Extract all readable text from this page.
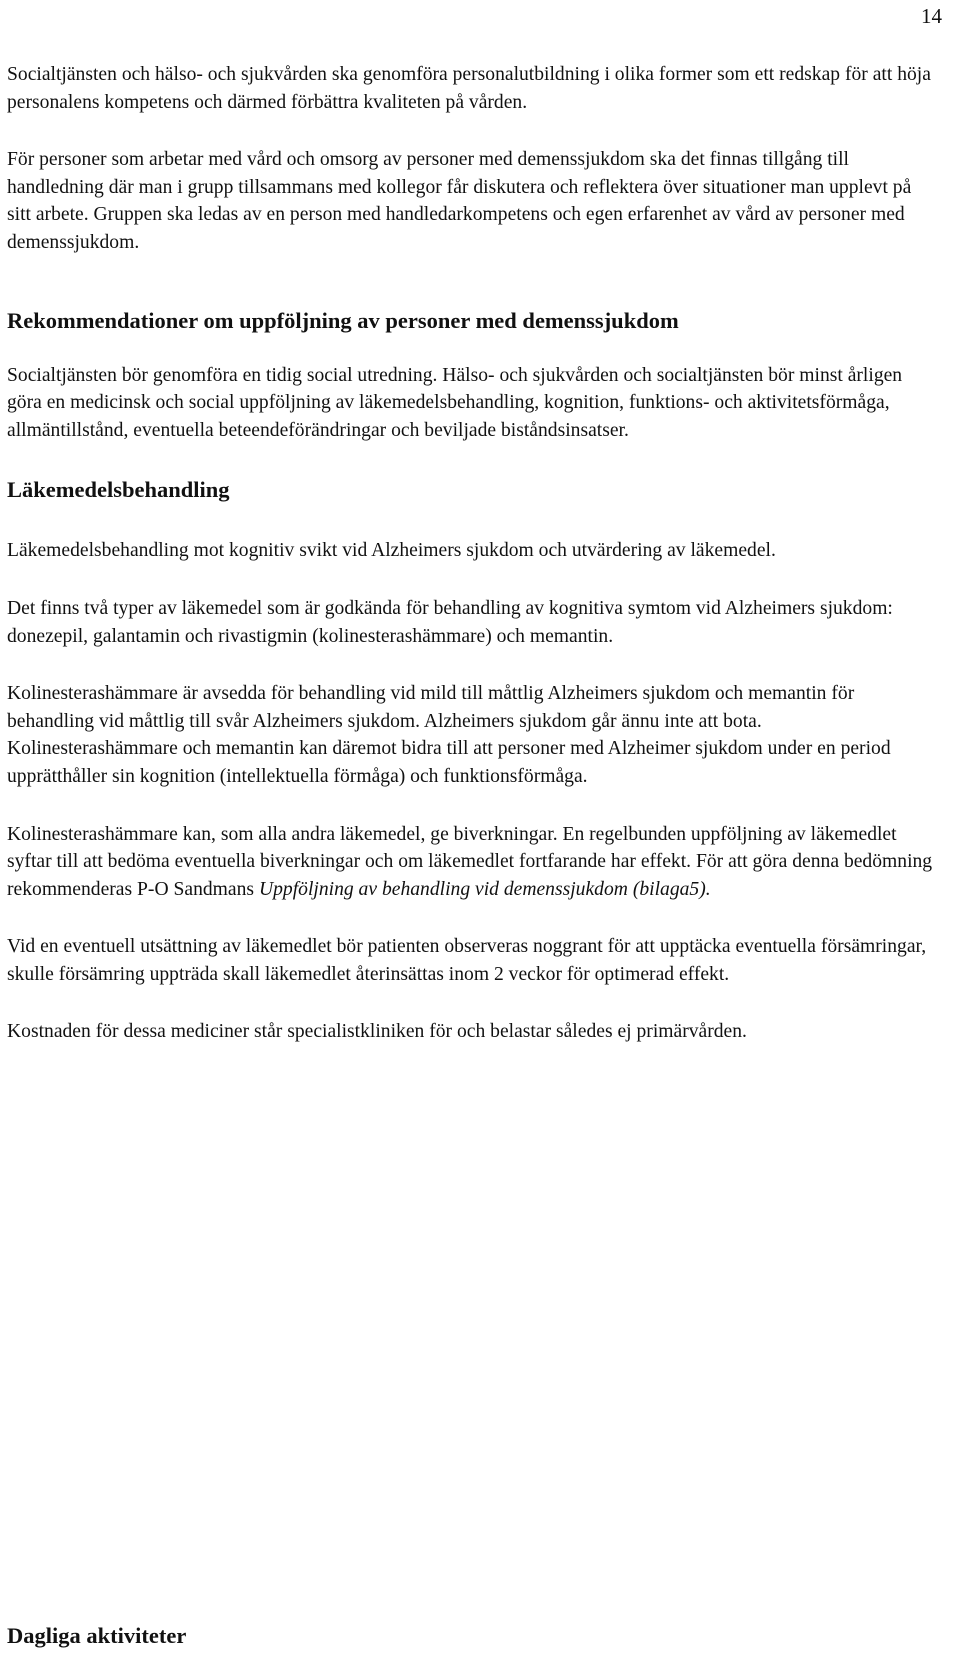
14

Socialtjänsten och hälso- och sjukvården ska genomföra personalutbildning i olika former som ett redskap för att höja personalens kompetens och därmed förbättra kvaliteten på vården.

För personer som arbetar med vård och omsorg av personer med demenssjukdom ska det finnas tillgång till handledning där man i grupp tillsammans med kollegor får diskutera och reflektera över situationer man upplevt på sitt arbete. Gruppen ska ledas av en person med handledarkompetens och egen erfarenhet av vård av personer med demenssjukdom.

Rekommendationer om uppföljning av personer med demenssjukdom

Socialtjänsten bör genomföra en tidig social utredning. Hälso- och sjukvården och socialtjänsten bör minst årligen göra en medicinsk och social uppföljning av läkemedelsbehandling, kognition, funktions- och aktivitetsförmåga, allmäntillstånd, eventuella beteendeförändringar och beviljade biståndsinsatser.

Läkemedelsbehandling

Läkemedelsbehandling mot kognitiv svikt vid Alzheimers sjukdom och utvärdering av läkemedel.

Det finns två typer av läkemedel som är godkända för behandling av kognitiva symtom vid Alzheimers sjukdom: donezepil, galantamin och rivastigmin (kolinesterashämmare) och memantin.

Kolinesterashämmare är avsedda för behandling vid mild till måttlig Alzheimers sjukdom och memantin för behandling vid måttlig till svår Alzheimers sjukdom. Alzheimers sjukdom går ännu inte att bota. Kolinesterashämmare och memantin kan däremot bidra till att personer med Alzheimer sjukdom under en period upprätthåller sin kognition (intellektuella förmåga) och funktionsförmåga.

Kolinesterashämmare kan, som alla andra läkemedel, ge biverkningar. En regelbunden uppföljning av läkemedlet syftar till att bedöma eventuella biverkningar och om läkemedlet fortfarande har effekt. För att göra denna bedömning rekommenderas P-O Sandmans Uppföljning av behandling vid demenssjukdom (bilaga5).

Vid en eventuell utsättning av läkemedlet bör patienten observeras noggrant för att upptäcka eventuella försämringar, skulle försämring uppträda skall läkemedlet återinsättas inom 2 veckor för optimerad effekt.

Kostnaden för dessa mediciner står specialistkliniken för och belastar således ej primärvården.

Dagliga aktiviteter
